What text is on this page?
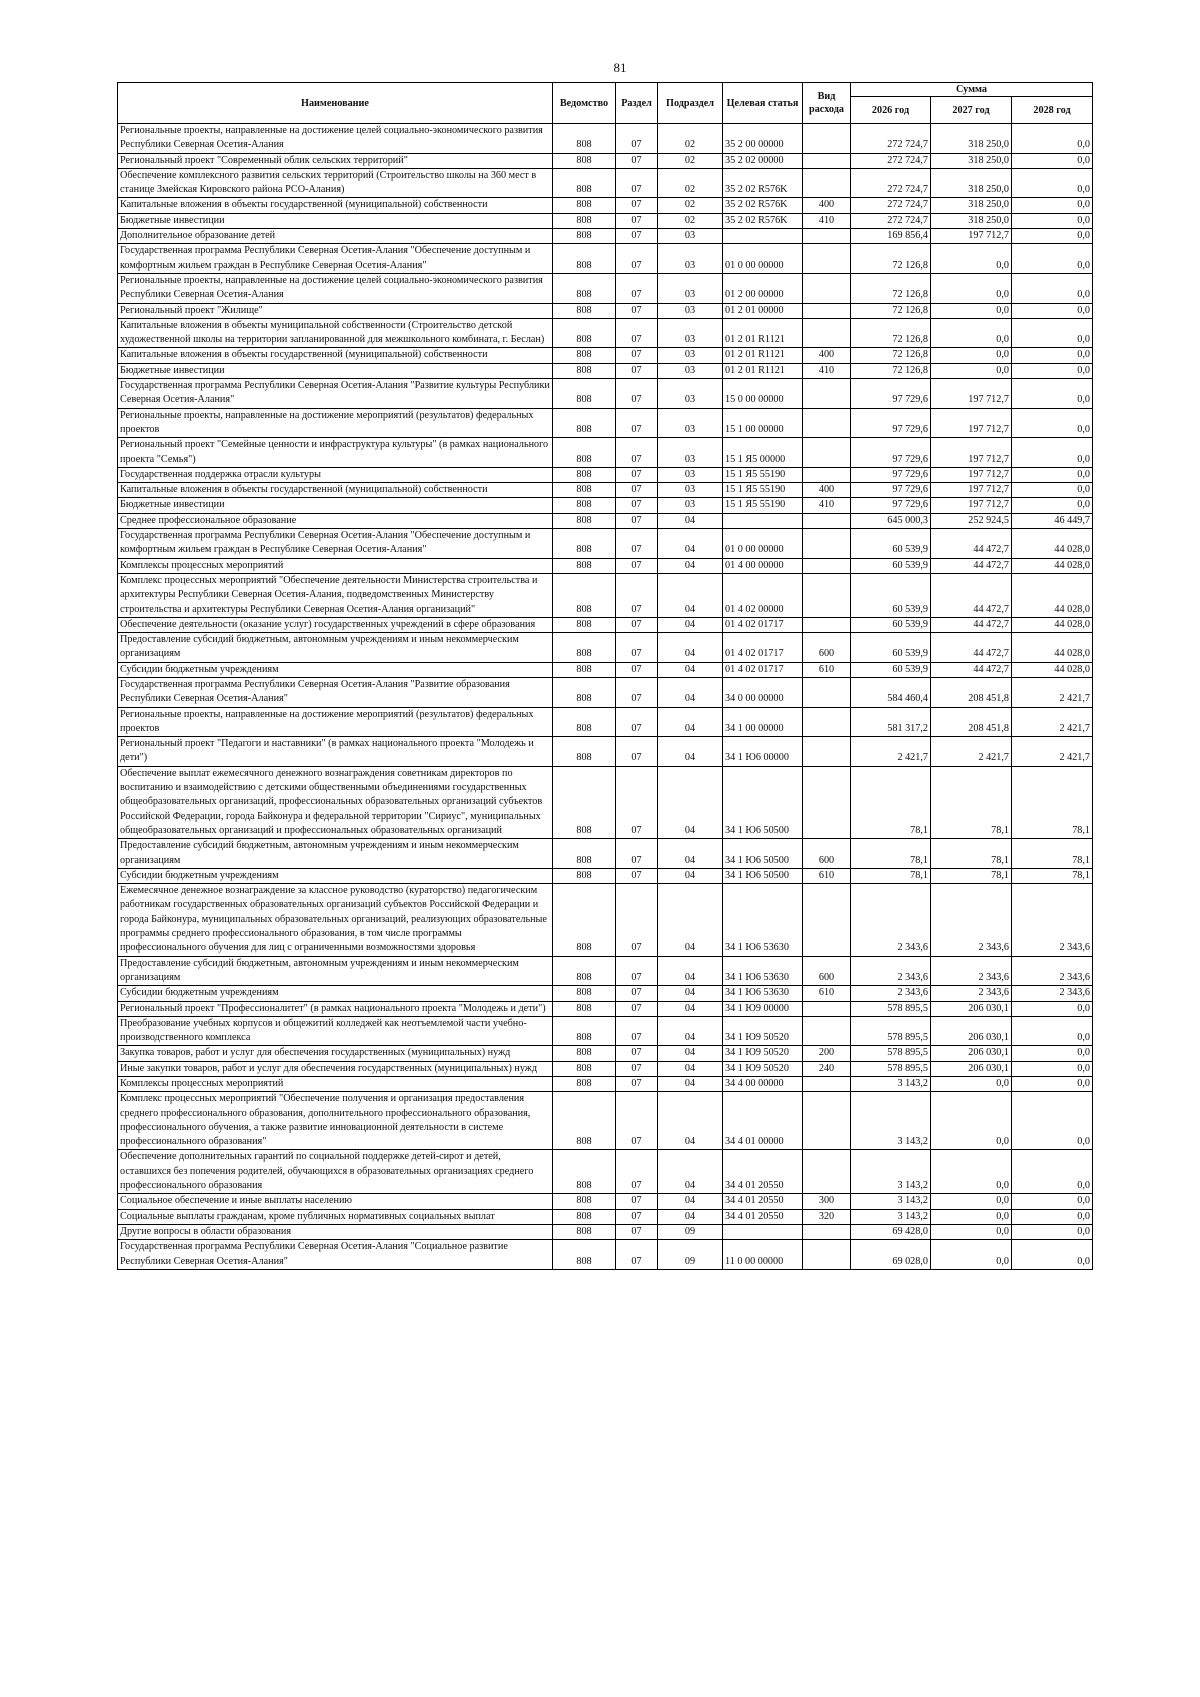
81
Наименование	Ведомство	Раздел	Подраздел	Целевая статья	Вид расхода	Сумма		
						2026 год	2027 год	2028 год
Региональные проекты, направленные на достижение целей социально-экономического развития Республики Северная Осетия-Алания	808	07	02	35 2 00 00000		272 724,7	318 250,0	0,0
Региональный проект "Современный облик сельских территорий"	808	07	02	35 2 02 00000		272 724,7	318 250,0	0,0
Обеспечение комплексного развития сельских территорий (Строительство школы на 360 мест в станице Змейская Кировского района РСО-Алания)	808	07	02	35 2 02 R576K		272 724,7	318 250,0	0,0
Капитальные вложения в объекты государственной (муниципальной) собственности	808	07	02	35 2 02 R576K	400	272 724,7	318 250,0	0,0
Бюджетные инвестиции	808	07	02	35 2 02 R576K	410	272 724,7	318 250,0	0,0
Дополнительное образование детей	808	07	03			169 856,4	197 712,7	0,0
Государственная программа Республики Северная Осетия-Алания "Обеспечение доступным и комфортным жильем граждан в Республике Северная Осетия-Алания"	808	07	03	01 0 00 00000		72 126,8	0,0	0,0
Региональные проекты, направленные на достижение целей социально-экономического развития Республики Северная Осетия-Алания	808	07	03	01 2 00 00000		72 126,8	0,0	0,0
Региональный проект "Жилище"	808	07	03	01 2 01 00000		72 126,8	0,0	0,0
Капитальные вложения в объекты муниципальной собственности (Строительство детской художественной школы на территории запланированной для межшкольного комбината, г. Беслан)	808	07	03	01 2 01 R1121		72 126,8	0,0	0,0
Капитальные вложения в объекты государственной (муниципальной) собственности	808	07	03	01 2 01 R1121	400	72 126,8	0,0	0,0
Бюджетные инвестиции	808	07	03	01 2 01 R1121	410	72 126,8	0,0	0,0
Государственная программа Республики Северная Осетия-Алания "Развитие культуры Республики Северная Осетия-Алания"	808	07	03	15 0 00 00000		97 729,6	197 712,7	0,0
Региональные проекты, направленные на достижение мероприятий (результатов) федеральных проектов	808	07	03	15 1 00 00000		97 729,6	197 712,7	0,0
Региональный проект "Семейные ценности и инфраструктура культуры" (в рамках национального проекта "Семья")	808	07	03	15 1 Я5 00000		97 729,6	197 712,7	0,0
Государственная поддержка отрасли культуры	808	07	03	15 1 Я5 55190		97 729,6	197 712,7	0,0
Капитальные вложения в объекты государственной (муниципальной) собственности	808	07	03	15 1 Я5 55190	400	97 729,6	197 712,7	0,0
Бюджетные инвестиции	808	07	03	15 1 Я5 55190	410	97 729,6	197 712,7	0,0
Среднее профессиональное образование	808	07	04			645 000,3	252 924,5	46 449,7
Государственная программа Республики Северная Осетия-Алания "Обеспечение доступным и комфортным жильем граждан в Республике Северная Осетия-Алания"	808	07	04	01 0 00 00000		60 539,9	44 472,7	44 028,0
Комплексы процессных мероприятий	808	07	04	01 4 00 00000		60 539,9	44 472,7	44 028,0
Комплекс процессных мероприятий "Обеспечение деятельности Министерства строительства и архитектуры Республики Северная Осетия-Алания, подведомственных Министерству строительства и архитектуры Республики Северная Осетия-Алания организаций"	808	07	04	01 4 02 00000		60 539,9	44 472,7	44 028,0
Обеспечение деятельности (оказание услуг) государственных учреждений в сфере образования	808	07	04	01 4 02 01717		60 539,9	44 472,7	44 028,0
Предоставление субсидий бюджетным, автономным учреждениям и иным некоммерческим организациям	808	07	04	01 4 02 01717	600	60 539,9	44 472,7	44 028,0
Субсидии бюджетным учреждениям	808	07	04	01 4 02 01717	610	60 539,9	44 472,7	44 028,0
Государственная программа Республики Северная Осетия-Алания "Развитие образования Республики Северная Осетия-Алания"	808	07	04	34 0 00 00000		584 460,4	208 451,8	2 421,7
Региональные проекты, направленные на достижение мероприятий (результатов) федеральных проектов	808	07	04	34 1 00 00000		581 317,2	208 451,8	2 421,7
Региональный проект "Педагоги и наставники" (в рамках национального проекта "Молодежь и дети")	808	07	04	34 1 Ю6 00000		2 421,7	2 421,7	2 421,7
Обеспечение выплат ежемесячного денежного вознаграждения советникам директоров по воспитанию и взаимодействию с детскими общественными объединениями государственных общеобразовательных организаций, профессиональных образовательных организаций субъектов Российской Федерации, города Байконура и федеральной территории "Сириус", муниципальных общеобразовательных организаций и профессиональных образовательных организаций	808	07	04	34 1 Ю6 50500		78,1	78,1	78,1
Предоставление субсидий бюджетным, автономным учреждениям и иным некоммерческим организациям	808	07	04	34 1 Ю6 50500	600	78,1	78,1	78,1
Субсидии бюджетным учреждениям	808	07	04	34 1 Ю6 50500	610	78,1	78,1	78,1
Ежемесячное денежное вознаграждение за классное руководство (кураторство) педагогическим работникам государственных образовательных организаций субъектов Российской Федерации и города Байконура, муниципальных образовательных организаций, реализующих образовательные программы среднего профессионального образования, в том числе программы профессионального обучения для лиц с ограниченными возможностями здоровья	808	07	04	34 1 Ю6 53630		2 343,6	2 343,6	2 343,6
Предоставление субсидий бюджетным, автономным учреждениям и иным некоммерческим организациям	808	07	04	34 1 Ю6 53630	600	2 343,6	2 343,6	2 343,6
Субсидии бюджетным учреждениям	808	07	04	34 1 Ю6 53630	610	2 343,6	2 343,6	2 343,6
Региональный проект "Профессионалитет" (в рамках национального проекта "Молодежь и дети")	808	07	04	34 1 Ю9 00000		578 895,5	206 030,1	0,0
Преобразование учебных корпусов и общежитий колледжей как неотъемлемой части учебно-производственного комплекса	808	07	04	34 1 Ю9 50520		578 895,5	206 030,1	0,0
Закупка товаров, работ и услуг для обеспечения государственных (муниципальных) нужд	808	07	04	34 1 Ю9 50520	200	578 895,5	206 030,1	0,0
Иные закупки товаров, работ и услуг для обеспечения государственных (муниципальных) нужд	808	07	04	34 1 Ю9 50520	240	578 895,5	206 030,1	0,0
Комплексы процессных мероприятий	808	07	04	34 4 00 00000		3 143,2	0,0	0,0
Комплекс процессных мероприятий "Обеспечение получения и организация предоставления среднего профессионального образования, дополнительного профессионального образования, профессионального обучения, а также развитие инновационной деятельности в системе профессионального образования"	808	07	04	34 4 01 00000		3 143,2	0,0	0,0
Обеспечение дополнительных гарантий по социальной поддержке детей-сирот и детей, оставшихся без попечения родителей, обучающихся в образовательных организациях среднего профессионального образования	808	07	04	34 4 01 20550		3 143,2	0,0	0,0
Социальное обеспечение и иные выплаты населению	808	07	04	34 4 01 20550	300	3 143,2	0,0	0,0
Социальные выплаты гражданам, кроме публичных нормативных социальных выплат	808	07	04	34 4 01 20550	320	3 143,2	0,0	0,0
Другие вопросы в области образования	808	07	09			69 428,0	0,0	0,0
Государственная программа Республики Северная Осетия-Алания "Социальное развитие Республики Северная Осетия-Алания"	808	07	09	11 0 00 00000		69 028,0	0,0	0,0
